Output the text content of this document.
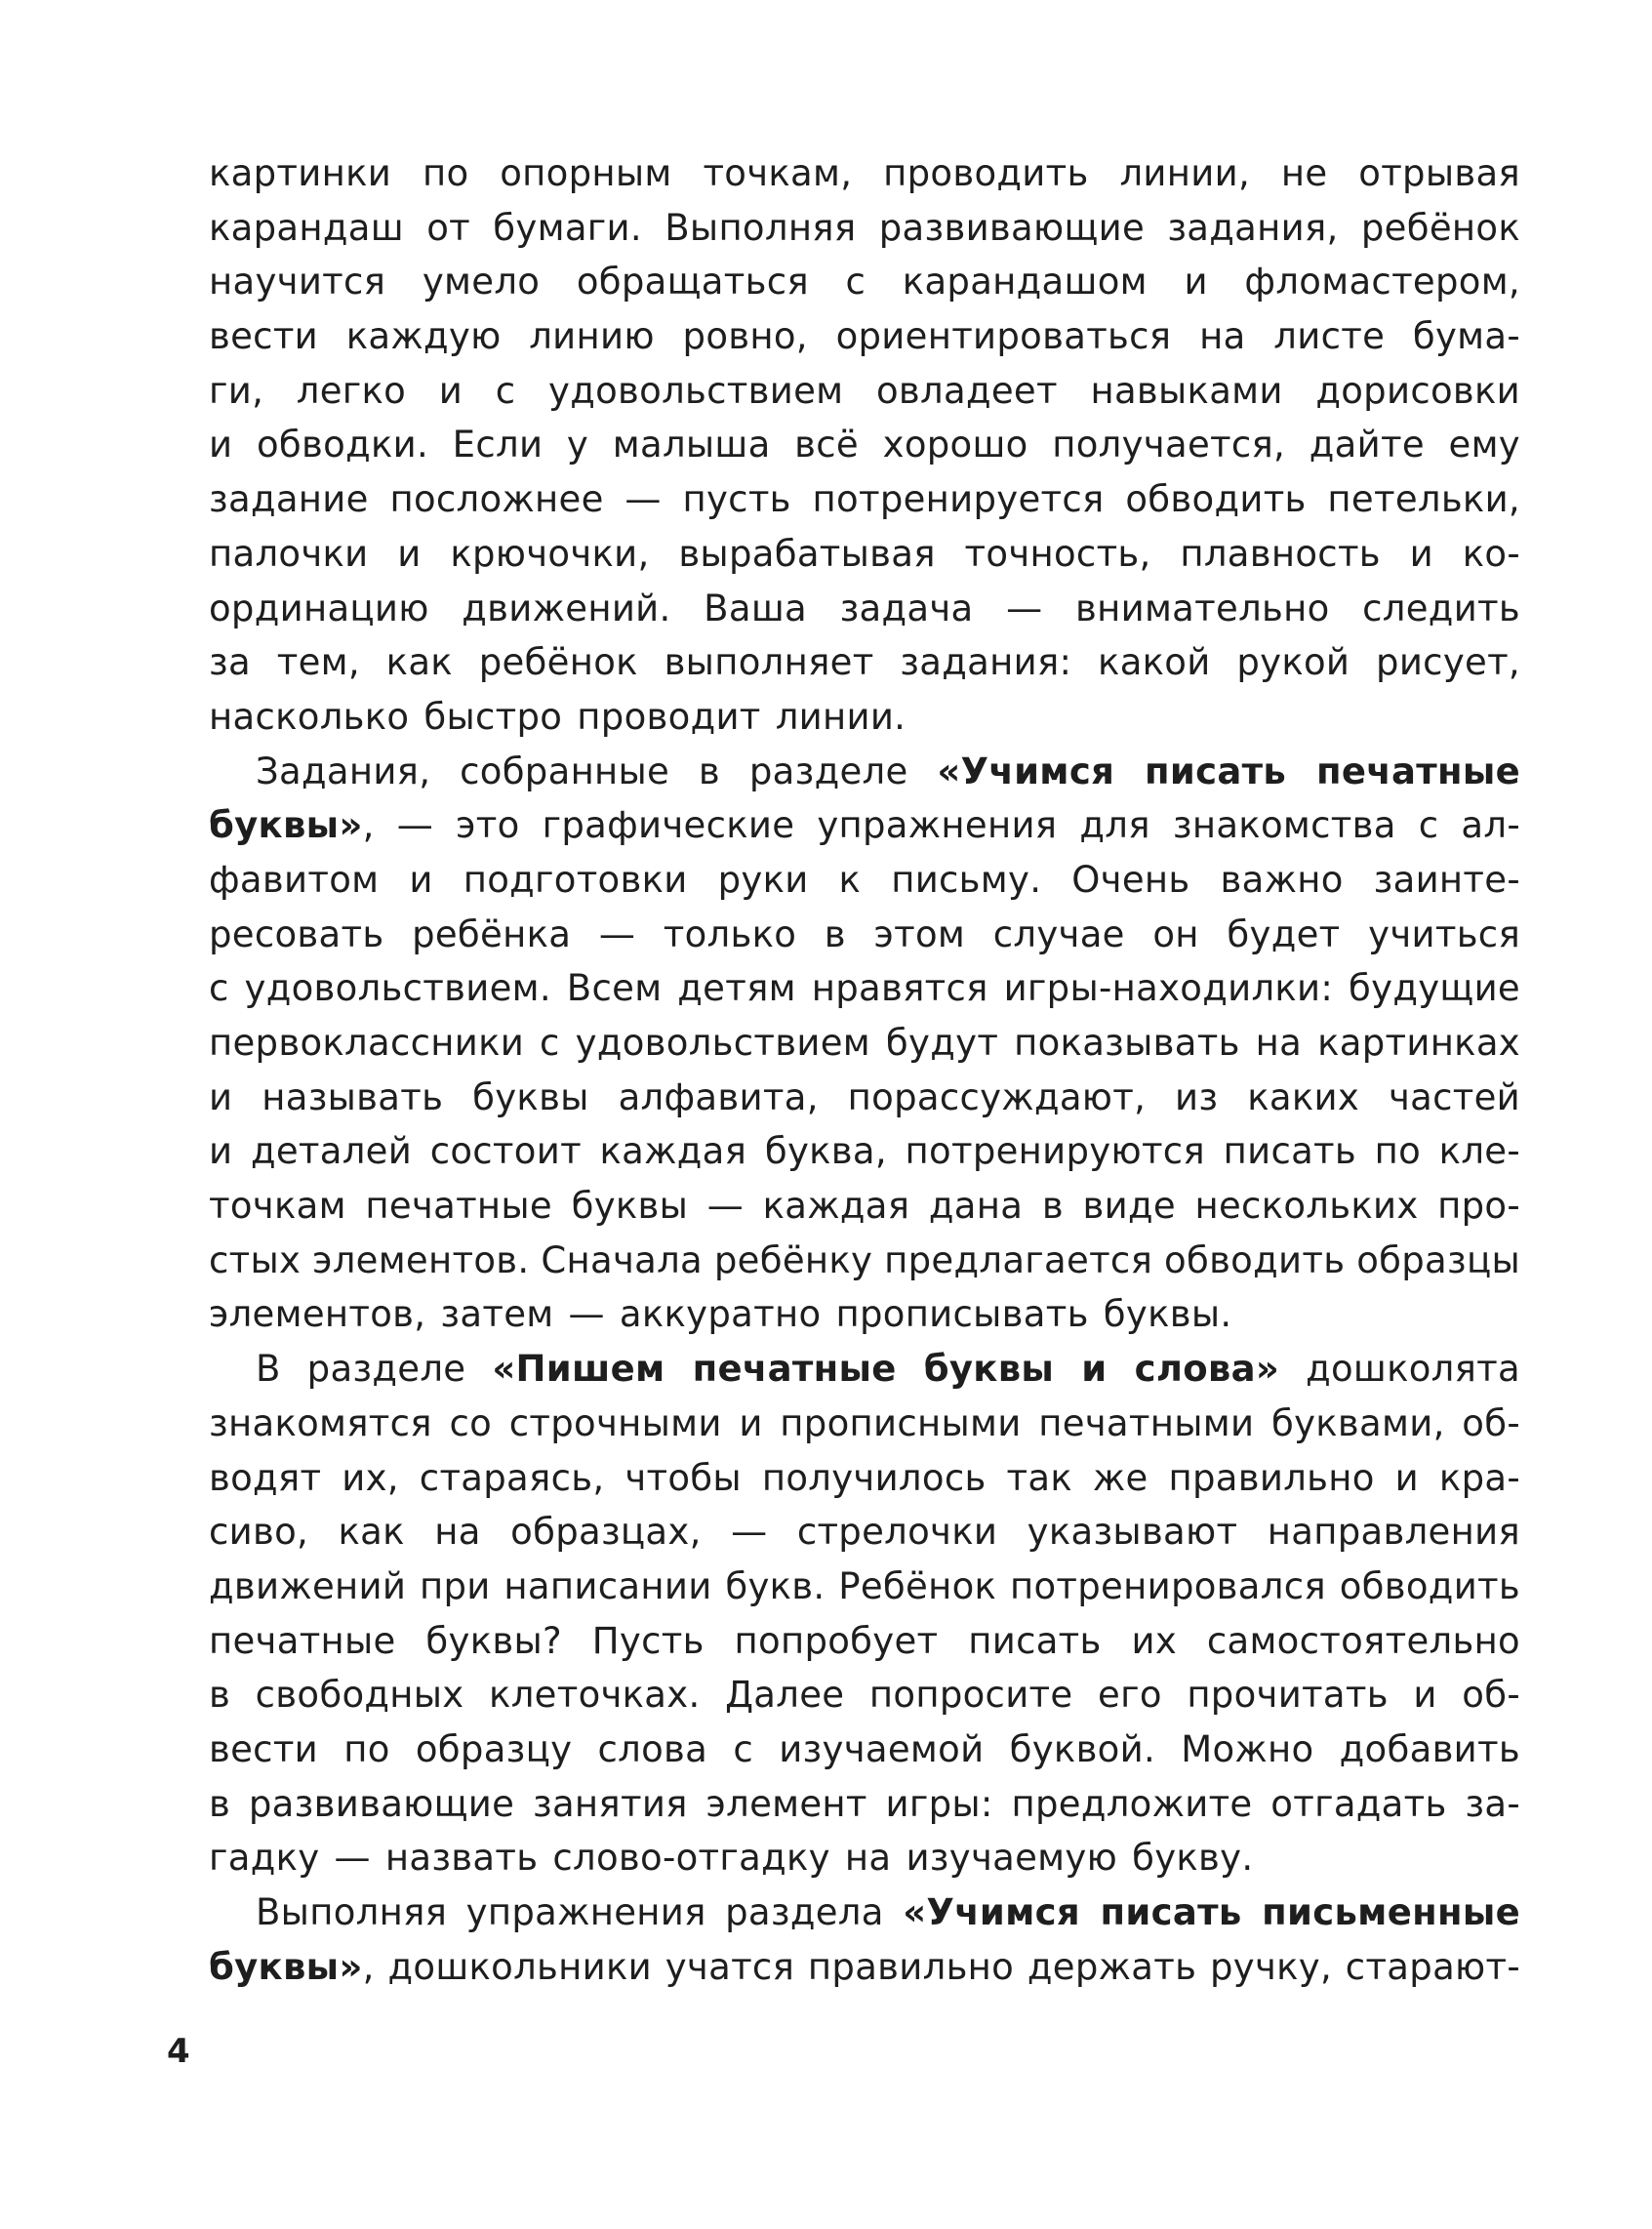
картинки по опорным точкам, проводить линии, не отрывая
карандаш от бумаги. Выполняя развивающие задания, ребёнок
научится умело обращаться с карандашом и фломастером,
вести каждую линию ровно, ориентироваться на листе бума-
ги, легко и с удовольствием овладеет навыками дорисовки
и обводки. Если у малыша всё хорошо получается, дайте ему
задание посложнее — пусть потренируется обводить петельки,
палочки и крючочки, вырабатывая точность, плавность и ко-
ординацию движений. Ваша задача — внимательно следить
за тем, как ребёнок выполняет задания: какой рукой рисует,
насколько быстро проводит линии.
Задания, собранные в разделе «Учимся писать печатные
буквы», — это графические упражнения для знакомства с ал-
фавитом и подготовки руки к письму. Очень важно заинте-
ресовать ребёнка — только в этом случае он будет учиться
с удовольствием. Всем детям нравятся игры-находилки: будущие
первоклассники с удовольствием будут показывать на картинках
и называть буквы алфавита, порассуждают, из каких частей
и деталей состоит каждая буква, потренируются писать по кле-
точкам печатные буквы — каждая дана в виде нескольких про-
стых элементов. Сначала ребёнку предлагается обводить образцы
элементов, затем — аккуратно прописывать буквы.
В разделе «Пишем печатные буквы и слова» дошколята
знакомятся со строчными и прописными печатными буквами, об-
водят их, стараясь, чтобы получилось так же правильно и кра-
сиво, как на образцах, — стрелочки указывают направления
движений при написании букв. Ребёнок потренировался обводить
печатные буквы? Пусть попробует писать их самостоятельно
в свободных клеточках. Далее попросите его прочитать и об-
вести по образцу слова с изучаемой буквой. Можно добавить
в развивающие занятия элемент игры: предложите отгадать за-
гадку — назвать слово-отгадку на изучаемую букву.
Выполняя упражнения раздела «Учимся писать письменные
буквы», дошкольники учатся правильно держать ручку, старают-
4
